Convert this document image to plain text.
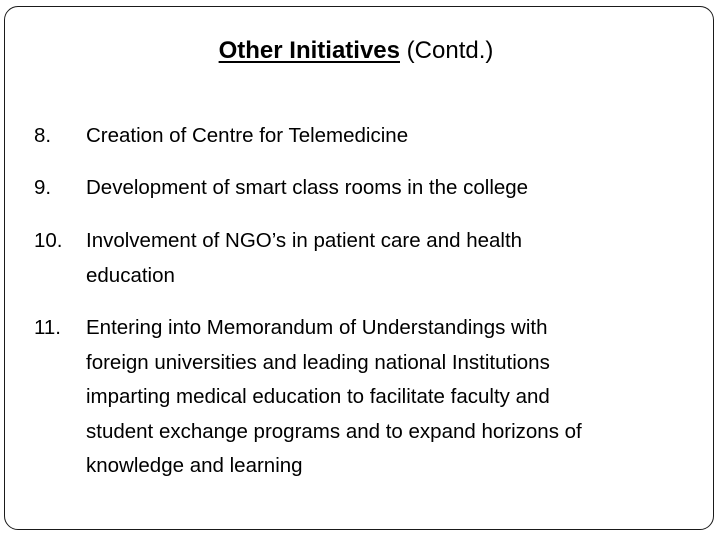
Other Initiatives (Contd.)
8. Creation of Centre for Telemedicine
9. Development of smart class rooms in the college
10. Involvement of NGO’s in patient care and health
education
11. Entering into Memorandum of Understandings with
foreign universities and leading national Institutions
imparting medical education to facilitate faculty and
student exchange programs and to expand horizons of
knowledge and learning
